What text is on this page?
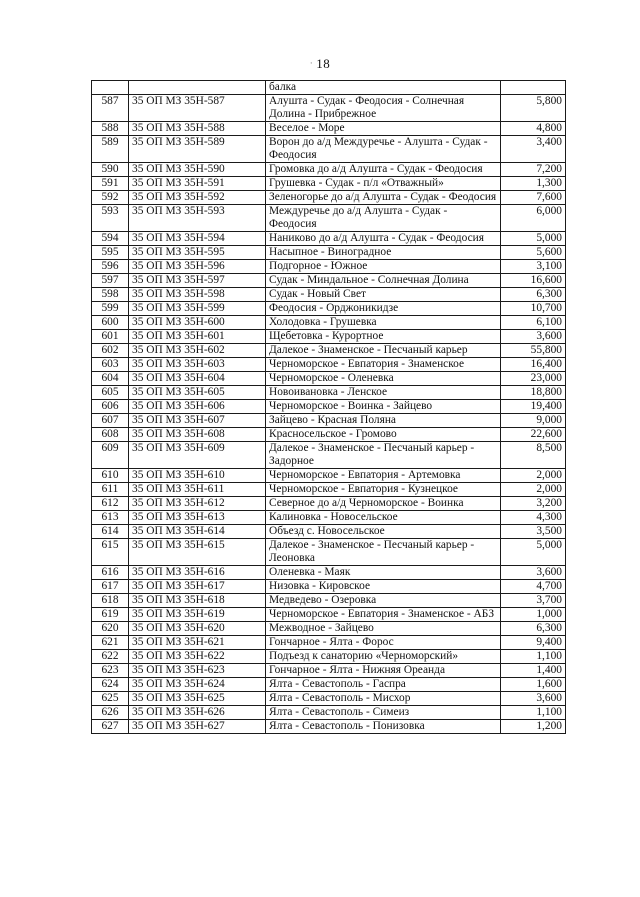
· 18
		балка	
587	35 ОП МЗ 35Н-587	Алушта - Судак - Феодосия - Солнечная Долина - Прибрежное	5,800
588	35 ОП МЗ 35Н-588	Веселое - Море	4,800
589	35 ОП МЗ 35Н-589	Ворон до а/д Междуречье - Алушта - Судак - Феодосия	3,400
590	35 ОП МЗ 35Н-590	Громовка до а/д Алушта - Судак - Феодосия	7,200
591	35 ОП МЗ 35Н-591	Грушевка - Судак - п/л «Отважный»	1,300
592	35 ОП МЗ 35Н-592	Зеленогорье до а/д Алушта - Судак - Феодосия	7,600
593	35 ОП МЗ 35Н-593	Междуречье до а/д Алушта - Судак - Феодосия	6,000
594	35 ОП МЗ 35Н-594	Наниково до а/д Алушта - Судак - Феодосия	5,000
595	35 ОП МЗ 35Н-595	Насыпное - Виноградное	5,600
596	35 ОП МЗ 35Н-596	Подгорное - Южное	3,100
597	35 ОП МЗ 35Н-597	Судак - Миндальное - Солнечная Долина	16,600
598	35 ОП МЗ 35Н-598	Судак - Новый Свет	6,300
599	35 ОП МЗ 35Н-599	Феодосия - Орджоникидзе	10,700
600	35 ОП МЗ 35Н-600	Холодовка - Грушевка	6,100
601	35 ОП МЗ 35Н-601	Щебетовка - Курортное	3,600
602	35 ОП МЗ 35Н-602	Далекое - Знаменское - Песчаный карьер	55,800
603	35 ОП МЗ 35Н-603	Черноморское - Евпатория - Знаменское	16,400
604	35 ОП МЗ 35Н-604	Черноморское - Оленевка	23,000
605	35 ОП МЗ 35Н-605	Новоивановка - Ленское	18,800
606	35 ОП МЗ 35Н-606	Черноморское - Воинка - Зайцево	19,400
607	35 ОП МЗ 35Н-607	Зайцево - Красная Поляна	9,000
608	35 ОП МЗ 35Н-608	Краснoсельское - Громово	22,600
609	35 ОП МЗ 35Н-609	Далекое - Знаменское - Песчаный карьер - Задорное	8,500
610	35 ОП МЗ 35Н-610	Черноморское - Евпатория - Артемовка	2,000
611	35 ОП МЗ 35Н-611	Черноморское - Евпатория - Кузнецкое	2,000
612	35 ОП МЗ 35Н-612	Северное до а/д Черноморское - Воинка	3,200
613	35 ОП МЗ 35Н-613	Калиновка - Новосельское	4,300
614	35 ОП МЗ 35Н-614	Объезд с. Новосельское	3,500
615	35 ОП МЗ 35Н-615	Далекое - Знаменское - Песчаный карьер - Леоновка	5,000
616	35 ОП МЗ 35Н-616	Оленевка - Маяк	3,600
617	35 ОП МЗ 35Н-617	Низовка - Кировское	4,700
618	35 ОП МЗ 35Н-618	Медведево - Озеровка	3,700
619	35 ОП МЗ 35Н-619	Черноморское - Евпатория - Знаменское - АБЗ	1,000
620	35 ОП МЗ 35Н-620	Межводное - Зайцево	6,300
621	35 ОП МЗ 35Н-621	Гончарное - Ялта - Форос	9,400
622	35 ОП МЗ 35Н-622	Подъезд к санаторию «Черноморский»	1,100
623	35 ОП МЗ 35Н-623	Гончарное - Ялта - Нижняя Ореанда	1,400
624	35 ОП МЗ 35Н-624	Ялта - Севастополь - Гаспра	1,600
625	35 ОП МЗ 35Н-625	Ялта - Севастополь - Мисхор	3,600
626	35 ОП МЗ 35Н-626	Ялта - Севастополь - Симеиз	1,100
627	35 ОП МЗ 35Н-627	Ялта - Севастополь - Понизовка	1,200
